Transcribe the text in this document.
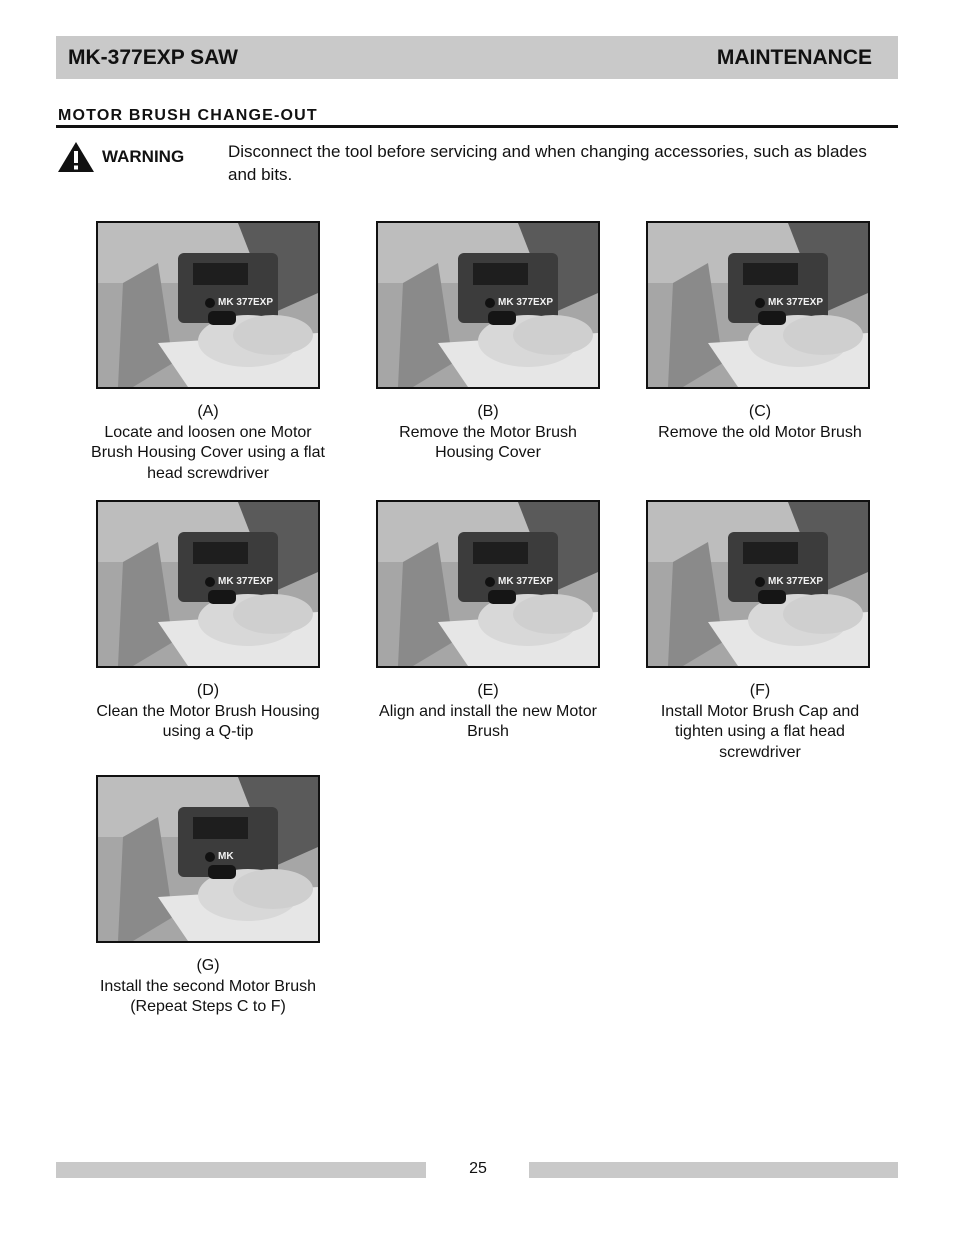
MK-377EXP SAW	MAINTENANCE
MOTOR BRUSH CHANGE-OUT
WARNING	Disconnect the tool before servicing and when changing accessories, such as blades and bits.
MK 377EXP	MK 377EXP	MK 377EXP
MK 377EXP	MK 377EXP	MK 377EXP
MK
(A)
Locate and loosen one Motor
Brush Housing Cover using a flat
head screwdriver
(B)
Remove the Motor Brush
Housing Cover
(C)
Remove the old Motor Brush
(D)
Clean the Motor Brush Housing
using a Q-tip
(E)
Align and install the new Motor
Brush
(F)
Install Motor Brush Cap and
tighten using a flat head
screwdriver
(G)
Install the second Motor Brush
(Repeat Steps C to F)
25
